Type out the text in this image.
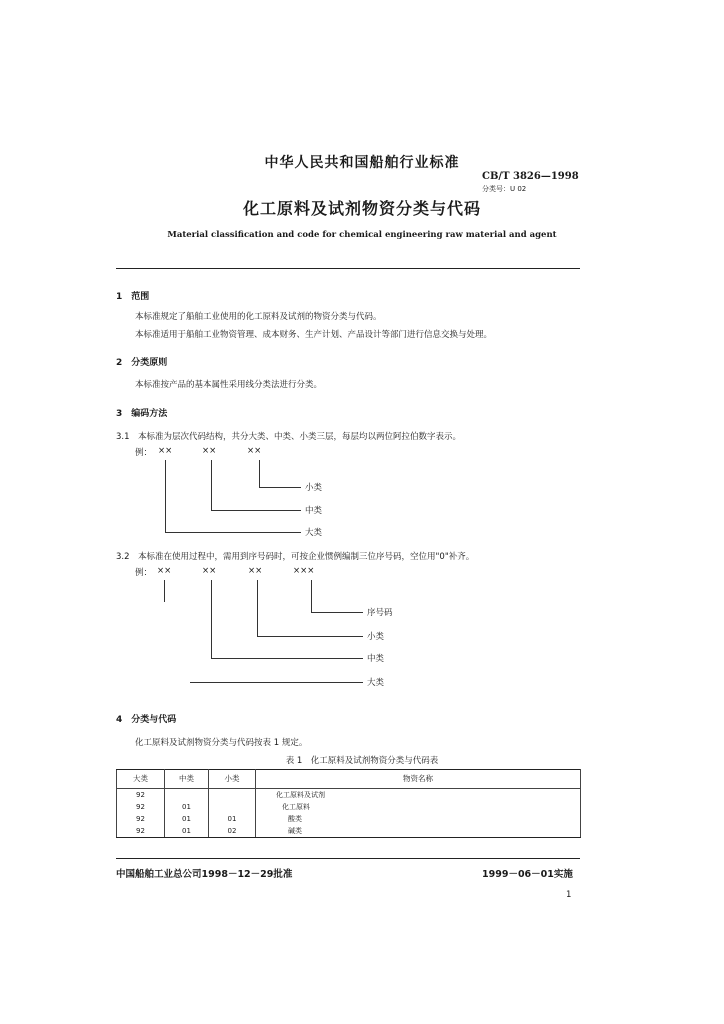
中华人民共和国船舶行业标准
CB/T 3826—1998
分类号：U 02
化工原料及试剂物资分类与代码
Material classification and code for chemical engineering raw material and agent
1　范围
本标准规定了船舶工业使用的化工原料及试剂的物资分类与代码。
本标准适用于船舶工业物资管理、成本财务、生产计划、产品设计等部门进行信息交换与处理。
2　分类原则
本标准按产品的基本属性采用线分类法进行分类。
3　编码方法
3.1　本标准为层次代码结构，共分大类、中类、小类三层，每层均以两位阿拉伯数字表示。
例： ××	××	××
小类
中类
大类
3.2　本标准在使用过程中，需用到序号码时，可按企业惯例编制三位序号码，空位用"0"补齐。
例： ××	××	××	×××
序号码
小类
中类
大类
4　分类与代码
化工原料及试剂物资分类与代码按表 1 规定。
表 1　化工原料及试剂物资分类与代码表
大类	中类	小类	物资名称
92			化工原料及试剂
92	01		化工原料
92	01	01	酸类
92	01	02	碱类
中国船舶工业总公司1998－12－29批准	1999－06－01实施
1
